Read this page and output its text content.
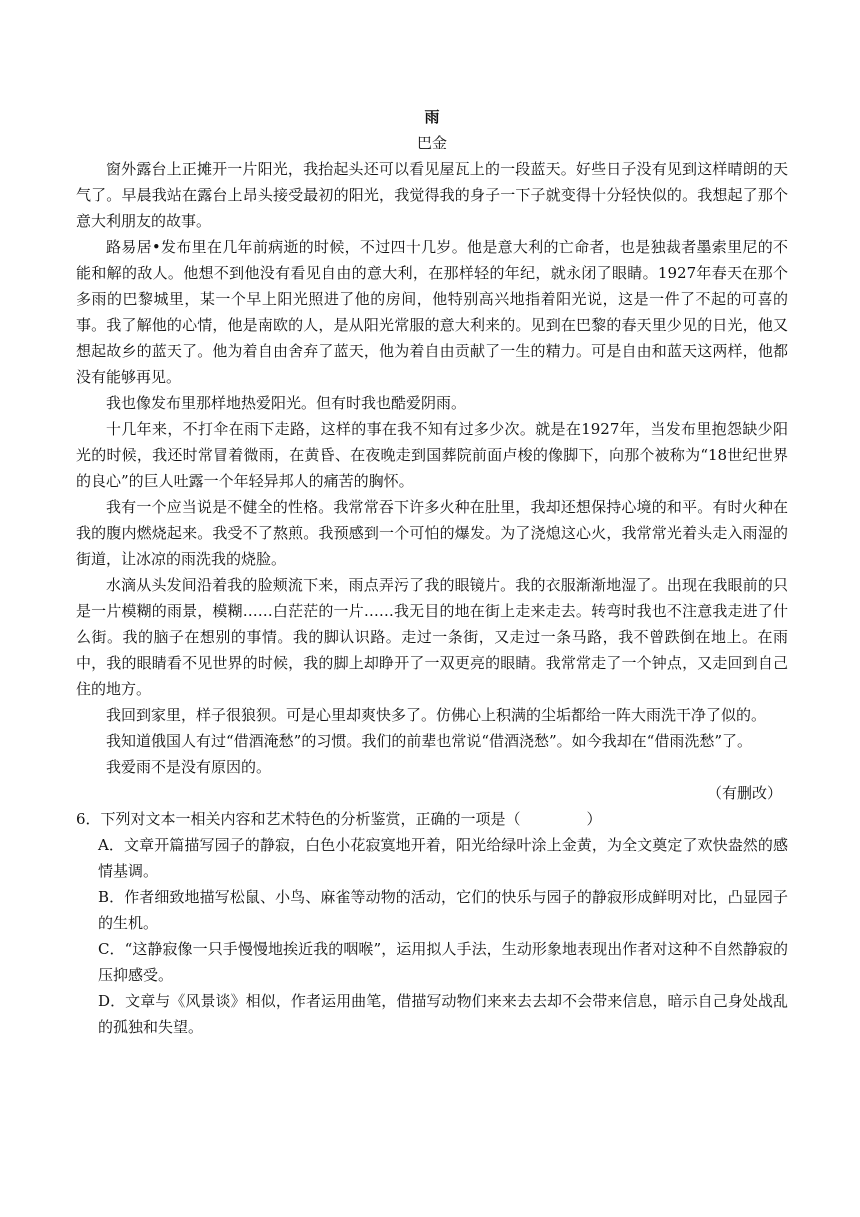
雨

巴金

窗外露台上正摊开一片阳光，我抬起头还可以看见屋瓦上的一段蓝天。好些日子没有见到这样晴朗的天气了。早晨我站在露台上昂头接受最初的阳光，我觉得我的身子一下子就变得十分轻快似的。我想起了那个意大利朋友的故事。

路易居•发布里在几年前病逝的时候，不过四十几岁。他是意大利的亡命者，也是独裁者墨索里尼的不能和解的敌人。他想不到他没有看见自由的意大利，在那样轻的年纪，就永闭了眼睛。1927年春天在那个多雨的巴黎城里，某一个早上阳光照进了他的房间，他特别高兴地指着阳光说，这是一件了不起的可喜的事。我了解他的心情，他是南欧的人，是从阳光常服的意大利来的。见到在巴黎的春天里少见的日光，他又想起故乡的蓝天了。他为着自由舍弃了蓝天，他为着自由贡献了一生的精力。可是自由和蓝天这两样，他都没有能够再见。

我也像发布里那样地热爱阳光。但有时我也酷爱阴雨。

十几年来，不打伞在雨下走路，这样的事在我不知有过多少次。就是在1927年，当发布里抱怨缺少阳光的时候，我还时常冒着微雨，在黄昏、在夜晚走到国葬院前面卢梭的像脚下，向那个被称为“18世纪世界的良心”的巨人吐露一个年轻异邦人的痛苦的胸怀。

我有一个应当说是不健全的性格。我常常吞下许多火种在肚里，我却还想保持心境的和平。有时火种在我的腹内燃烧起来。我受不了熬煎。我预感到一个可怕的爆发。为了浇熄这心火，我常常光着头走入雨湿的街道，让冰凉的雨洗我的烧脸。

水滴从头发间沿着我的脸颊流下来，雨点弄污了我的眼镜片。我的衣服渐渐地湿了。出现在我眼前的只是一片模糊的雨景，模糊……白茫茫的一片……我无目的地在街上走来走去。转弯时我也不注意我走进了什么街。我的脑子在想别的事情。我的脚认识路。走过一条街，又走过一条马路，我不曾跌倒在地上。在雨中，我的眼睛看不见世界的时候，我的脚上却睁开了一双更亮的眼睛。我常常走了一个钟点，又走回到自己住的地方。

我回到家里，样子很狼狈。可是心里却爽快多了。仿佛心上积满的尘垢都给一阵大雨洗干净了似的。

我知道俄国人有过“借酒淹愁”的习惯。我们的前辈也常说“借酒浇愁”。如今我却在“借雨洗愁”了。

我爱雨不是没有原因的。

（有删改）

6．下列对文本一相关内容和艺术特色的分析鉴赏，正确的一项是（	）

A．文章开篇描写园子的静寂，白色小花寂寞地开着，阳光给绿叶涂上金黄，为全文奠定了欢快盎然的感情基调。

B．作者细致地描写松鼠、小鸟、麻雀等动物的活动，它们的快乐与园子的静寂形成鲜明对比，凸显园子的生机。

C．“这静寂像一只手慢慢地挨近我的咽喉”，运用拟人手法，生动形象地表现出作者对这种不自然静寂的压抑感受。

D．文章与《风景谈》相似，作者运用曲笔，借描写动物们来来去去却不会带来信息，暗示自己身处战乱的孤独和失望。
